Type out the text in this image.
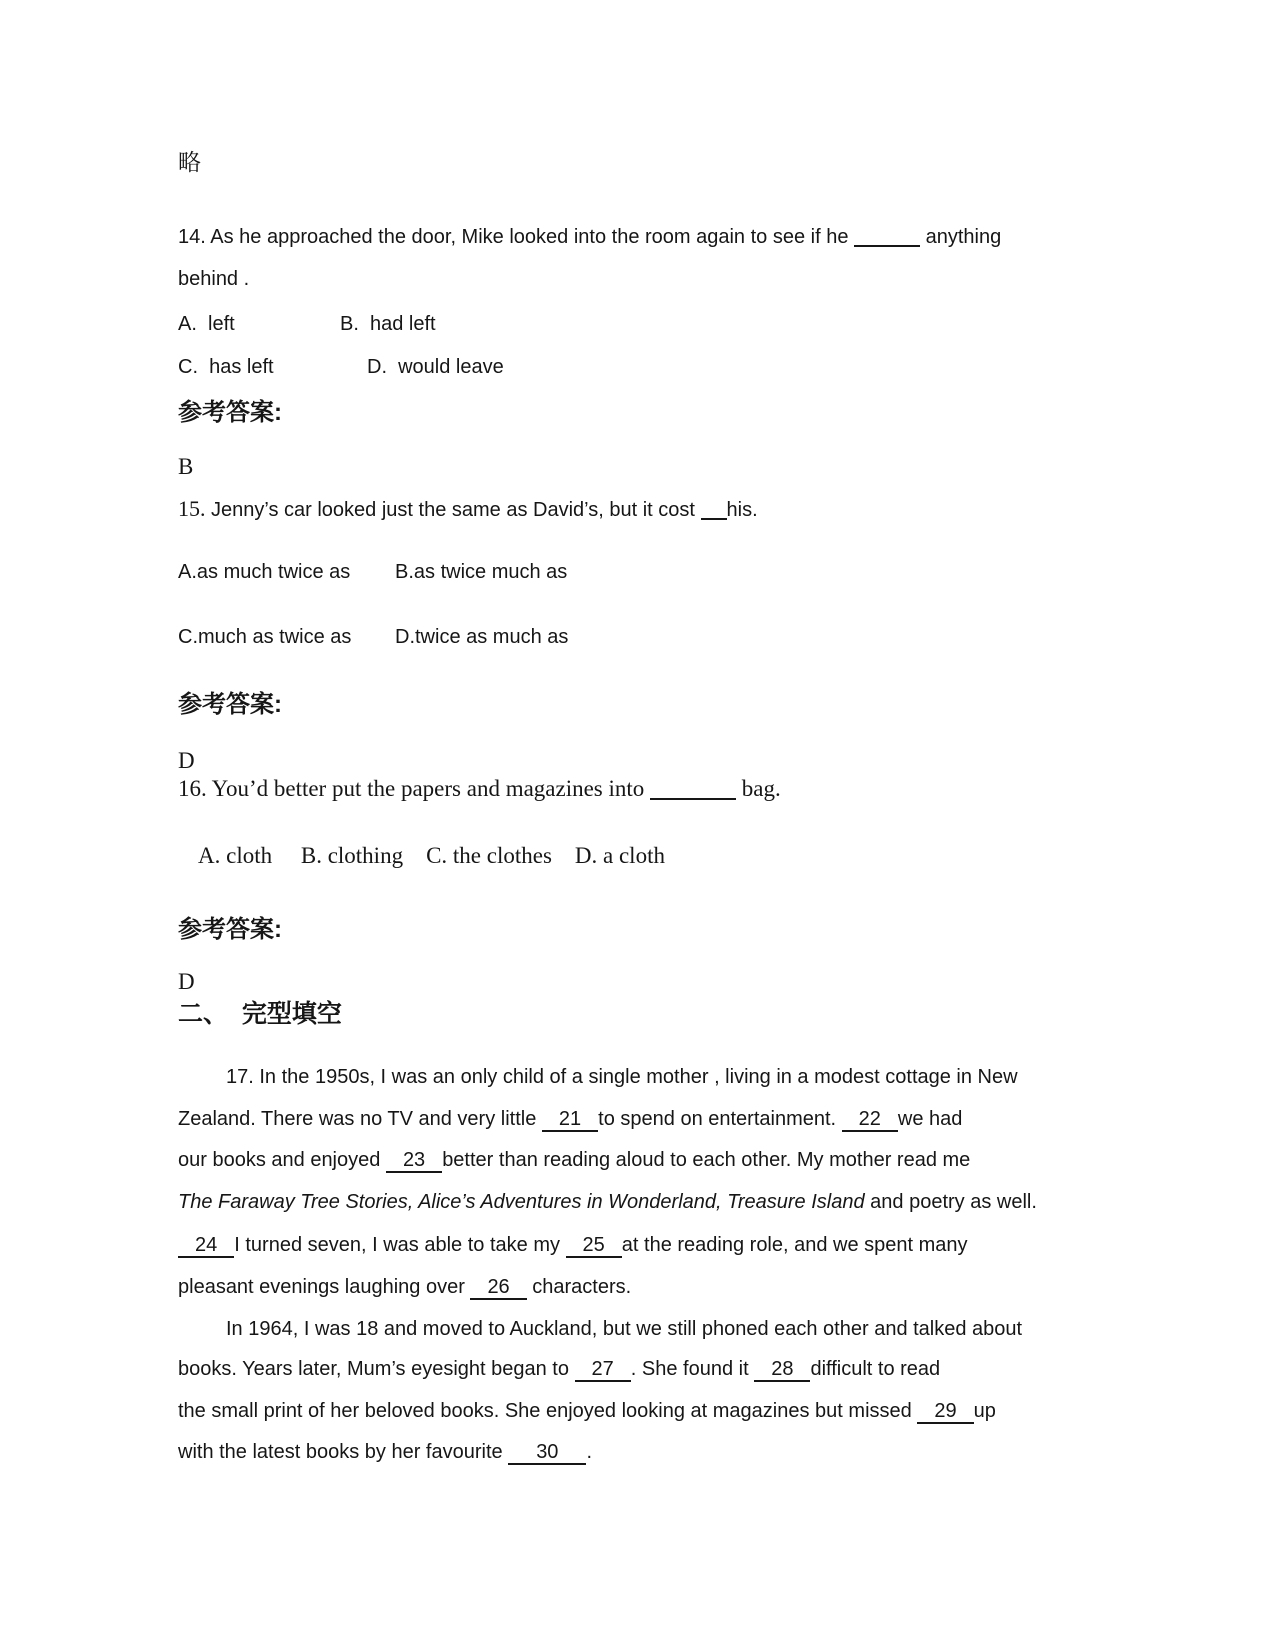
略
14. As he approached the door, Mike looked into the room again to see if he	anything
behind .
A.  left	B.  had left
C.  has left	D.  would leave
参考答案:
B
15. Jenny’s car looked just the same as David’s, but it cost his.
A.as much twice as	B.as twice much as
C.much as twice as	D.twice as much as
参考答案:
D
16. You’d better put the papers and magazines into	bag.
A. cloth     B. clothing    C. the clothes    D. a cloth
参考答案:
D
二、  完型填空
17. In the 1950s, I was an only child of a single mother , living in a modest cottage in New
Zealand. There was no TV and very little 21 to spend on entertainment. 22 we had
our books and enjoyed 23 better than reading aloud to each other. My mother read me
The Faraway Tree Stories, Alice’s Adventures in Wonderland, Treasure Island and poetry as well.
24 I turned seven, I was able to take my 25 at the reading role, and we spent many
pleasant evenings laughing over 26 characters.
In 1964, I was 18 and moved to Auckland, but we still phoned each other and talked about
books. Years later, Mum’s eyesight began to 27 . She found it 28 difficult to read
the small print of her beloved books. She enjoyed looking at magazines but missed 29 up
with the latest books by her favourite 30 .
